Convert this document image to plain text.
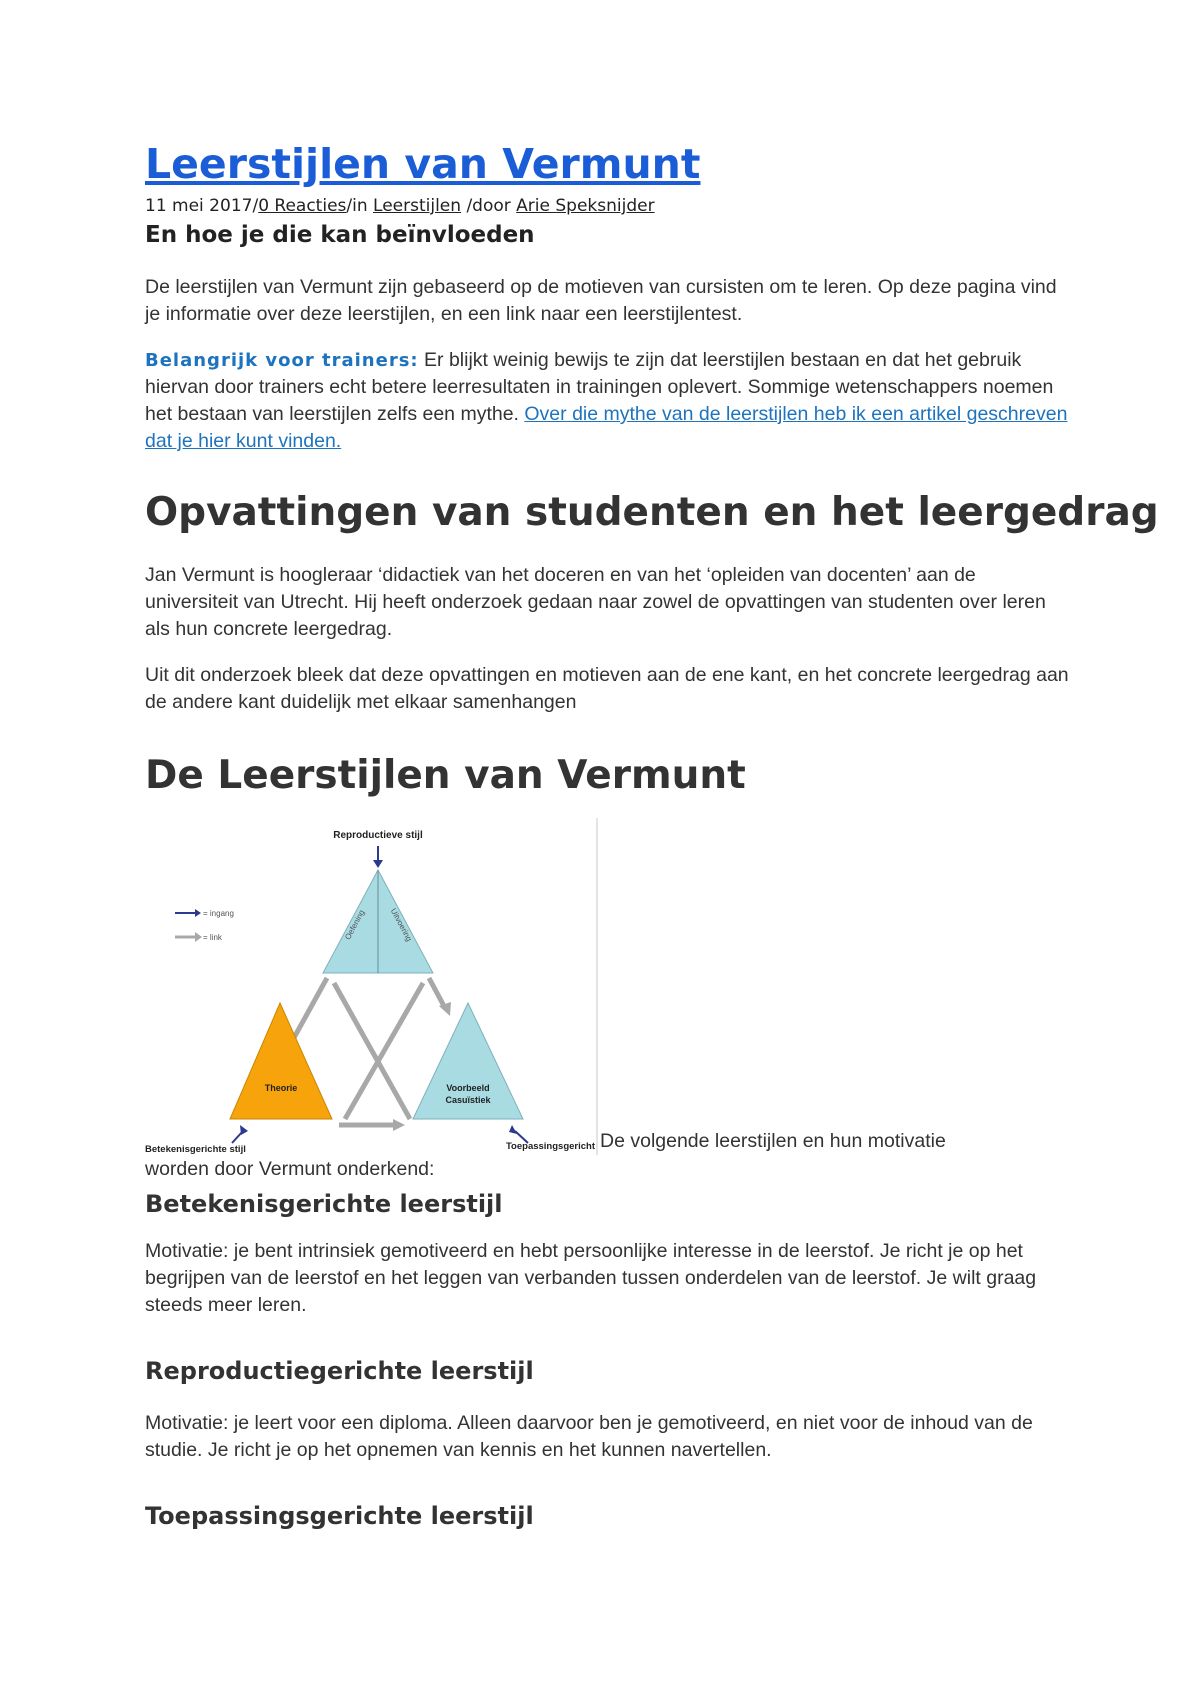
Leerstijlen van Vermunt

11 mei 2017/0 Reacties/in Leerstijlen /door Arie Speksnijder

En hoe je die kan beïnvloeden

De leerstijlen van Vermunt zijn gebaseerd op de motieven van cursisten om te leren. Op deze pagina vind je informatie over deze leerstijlen, en een link naar een leerstijlentest.

Belangrijk voor trainers: Er blijkt weinig bewijs te zijn dat leerstijlen bestaan en dat het gebruik hiervan door trainers echt betere leerresultaten in trainingen oplevert. Sommige wetenschappers noemen het bestaan van leerstijlen zelfs een mythe. Over die mythe van de leerstijlen heb ik een artikel geschreven dat je hier kunt vinden.

Opvattingen van studenten en het leergedrag

Jan Vermunt is hoogleraar ‘didactiek van het doceren en van het ‘opleiden van docenten’ aan de universiteit van Utrecht. Hij heeft onderzoek gedaan naar zowel de opvattingen van studenten over leren als hun concrete leergedrag.

Uit dit onderzoek bleek dat deze opvattingen en motieven aan de ene kant, en het concrete leergedrag aan de andere kant duidelijk met elkaar samenhangen

De Leerstijlen van Vermunt
Reproductieve stijl
Oefening	Uitvoering
= ingang
= link
Theorie	Voorbeeld
Casuïstiek
Betekenisgerichte stijl	Toepassingsgericht De volgende leerstijlen en hun motivatie
worden door Vermunt onderkend:
Betekenisgerichte leerstijl

Motivatie: je bent intrinsiek gemotiveerd en hebt persoonlijke interesse in de leerstof. Je richt je op het begrijpen van de leerstof en het leggen van verbanden tussen onderdelen van de leerstof. Je wilt graag steeds meer leren.

Reproductiegerichte leerstijl

Motivatie: je leert voor een diploma. Alleen daarvoor ben je gemotiveerd, en niet voor de inhoud van de studie. Je richt je op het opnemen van kennis en het kunnen navertellen.

Toepassingsgerichte leerstijl
